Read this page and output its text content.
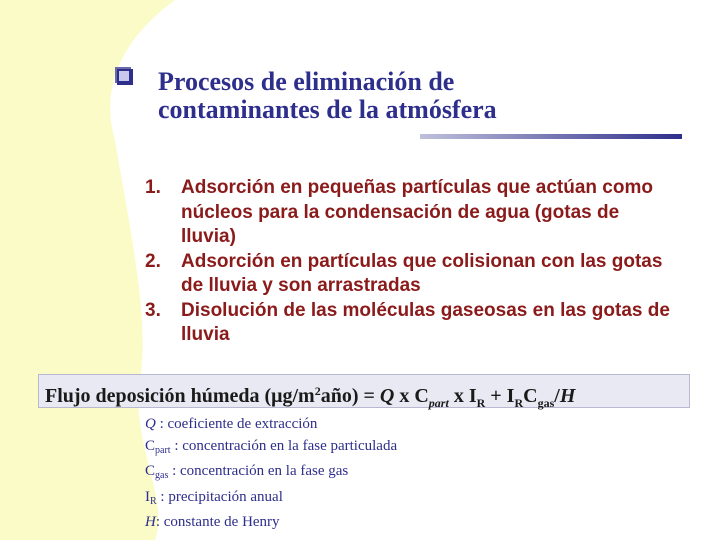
Procesos de eliminación de
contaminantes de la atmósfera
1. Adsorción en pequeñas partículas que actúan como
núcleos para la condensación de agua (gotas de
lluvia)
2. Adsorción en partículas que colisionan con las gotas
de lluvia y son arrastradas
3. Disolución de las moléculas gaseosas en las gotas de
lluvia
Flujo deposición húmeda $(\mu g/m^2año) = Q$ x $C_{part}$ x $I_R + I_RC_{gas}/H$
Q : coeficiente de extracción
$C_{part}$ : concentración en la fase particulada
$C_{gas}$ : concentración en la fase gas
$I_R$ : precipitación anual
H: constante de Henry
